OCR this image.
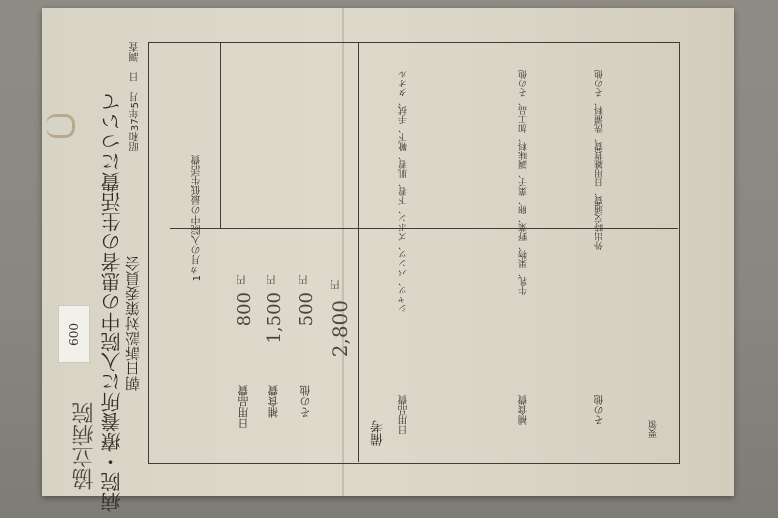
病院・療養所に入院中の患者の生活費について 朝日訴訟対策委員会
昭和37年5月　日　調査
協立病院
600
1ヵ月の入院中の最低生活費
日用品費
800
円
補食費
1,500
円
その他
500
円
2,800
円
備考 日用品費
シャツ、パンツ、ズボン、下着、肌着、靴下、手拭、タオル
補食費
牛乳、果物、野菜、卵、菓子、調味料、加工品、その他
その他
外出時交通費、日用雑貨費、洗濯料、その他
要領
